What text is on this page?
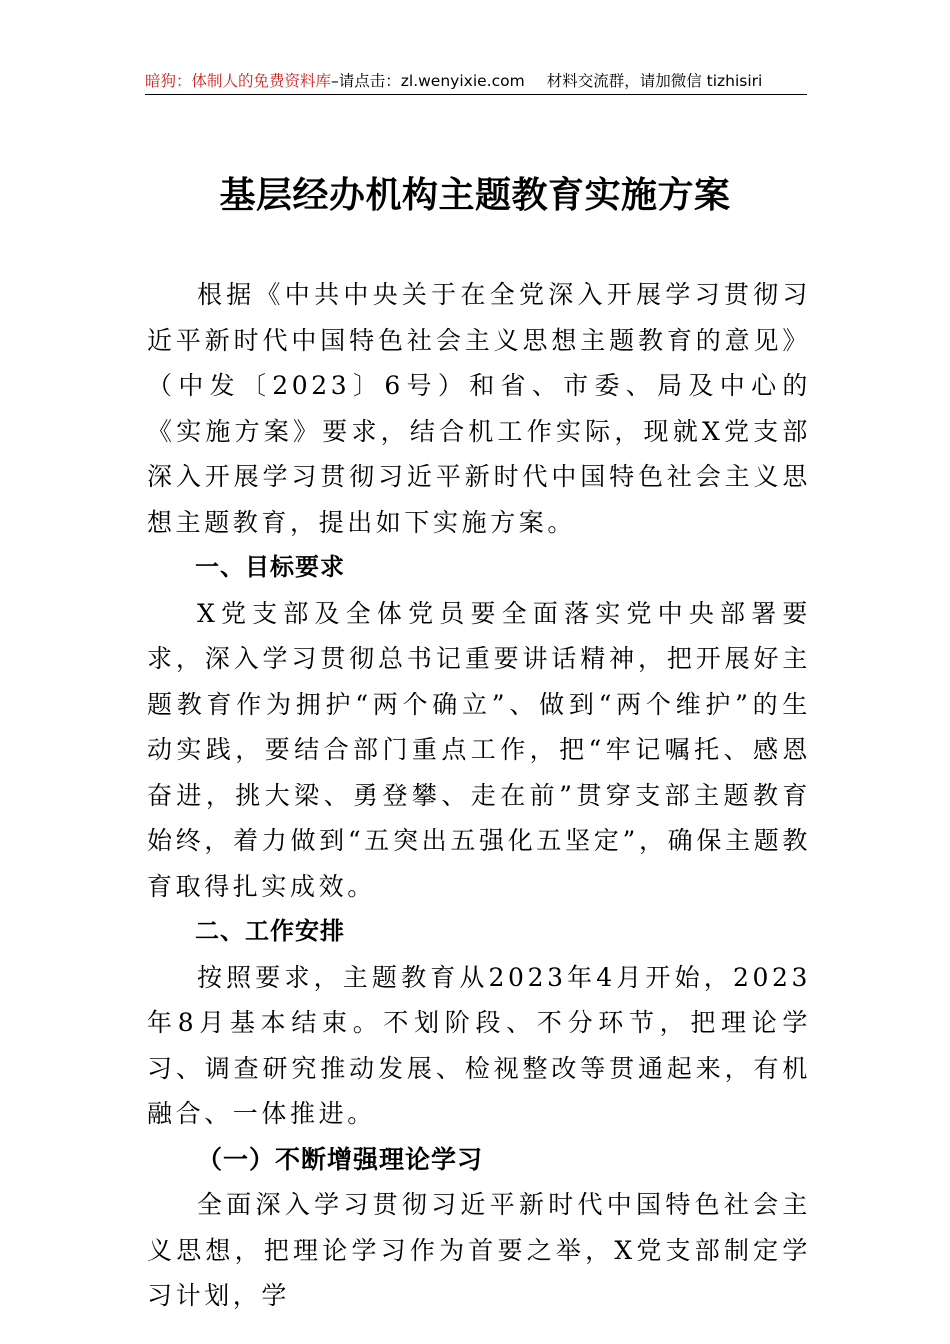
暗狗：体制人的免费资料库–请点击：zl.wenyixie.com 材料交流群，请加微信 tizhisiri
基层经办机构主题教育实施方案

根据《中共中央关于在全党深入开展学习贯彻习近平新时代中国特色社会主义思想主题教育的意见》（中发〔2023〕6号）和省、市委、局及中心的《实施方案》要求，结合机工作实际，现就X党支部深入开展学习贯彻习近平新时代中国特色社会主义思想主题教育，提出如下实施方案。

一、目标要求

X党支部及全体党员要全面落实党中央部署要求，深入学习贯彻总书记重要讲话精神，把开展好主题教育作为拥护“两个确立”、做到“两个维护”的生动实践，要结合部门重点工作，把“牢记嘱托、感恩奋进，挑大梁、勇登攀、走在前”贯穿支部主题教育始终，着力做到“五突出五强化五坚定”，确保主题教育取得扎实成效。

二、工作安排

按照要求，主题教育从2023年4月开始，2023年8月基本结束。不划阶段、不分环节，把理论学习、调查研究推动发展、检视整改等贯通起来，有机融合、一体推进。

（一）不断增强理论学习

全面深入学习贯彻习近平新时代中国特色社会主义思想，把理论学习作为首要之举，X党支部制定学习计划，学
